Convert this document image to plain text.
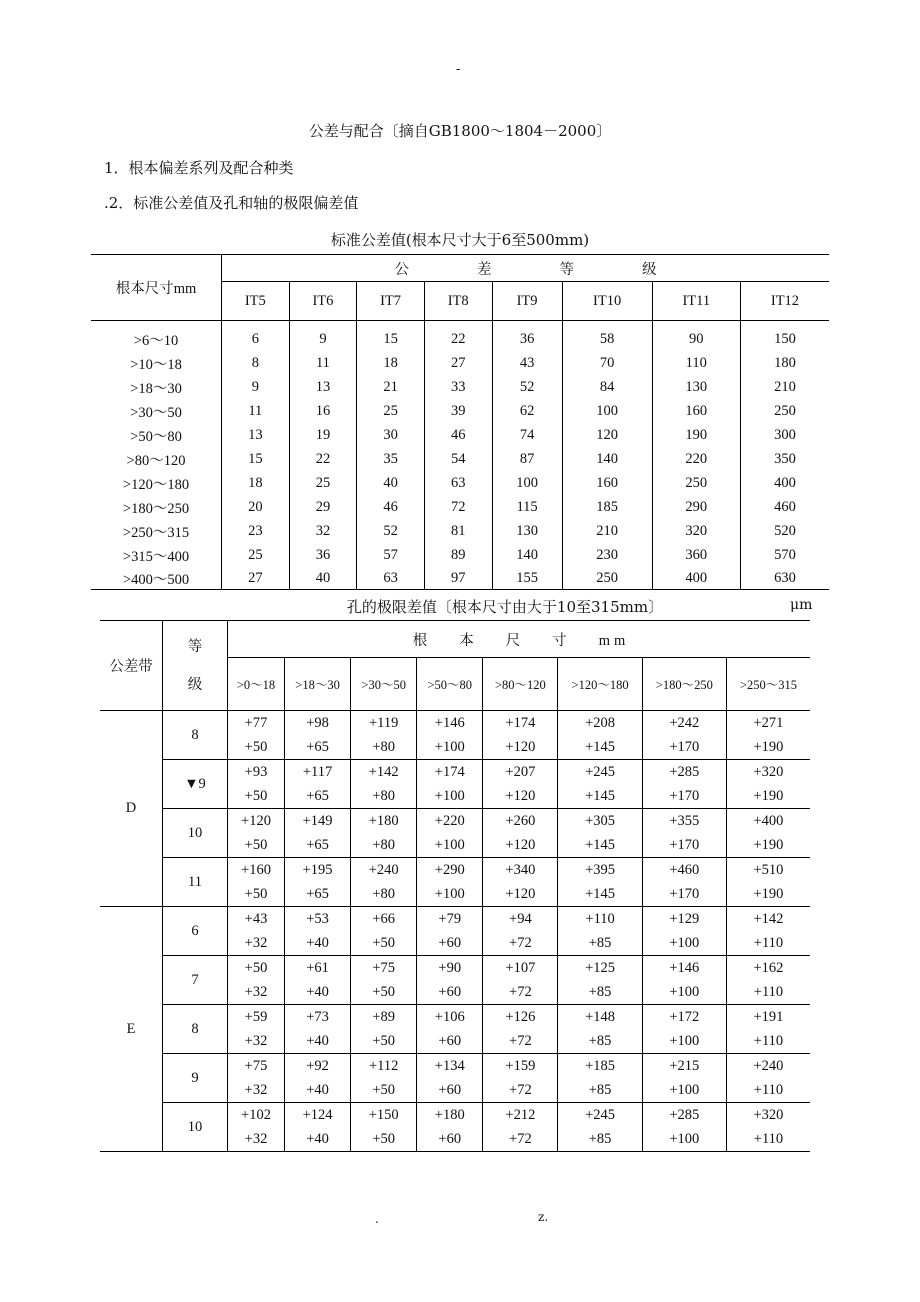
-
公差与配合〔摘自GB1800～1804－2000〕
1．根本偏差系列及配合种类
.2．标准公差值及孔和轴的极限偏差值
标准公差值(根本尺寸大于6至500mm)
根本尺寸mm	公 差 等 级							
	IT5	IT6	IT7	IT8	IT9	IT10	IT11	IT12
>6～10	6	9	15	22	36	58	90	150
>10～18	8	11	18	27	43	70	110	180
>18～30	9	13	21	33	52	84	130	210
>30～50	11	16	25	39	62	100	160	250
>50～80	13	19	30	46	74	120	190	300
>80～120	15	22	35	54	87	140	220	350
>120～180	18	25	40	63	100	160	250	400
>180～250	20	29	46	72	115	185	290	460
>250～315	23	32	52	81	130	210	320	520
>315～400	25	36	57	89	140	230	360	570
>400～500	27	40	63	97	155	250	400	630
孔的极限差值〔根本尺寸由大于10至315mm〕	μm
公差带	等
级	根 本 尺 寸 m m							
		>0～18	>18～30	>30～50	>50～80	>80～120	>120～180	>180～250	>250～315
D	8	+77	+98	+119	+146	+174	+208	+242	+271
		+50	+65	+80	+100	+120	+145	+170	+190
	▼9	+93	+117	+142	+174	+207	+245	+285	+320
		+50	+65	+80	+100	+120	+145	+170	+190
	10	+120	+149	+180	+220	+260	+305	+355	+400
		+50	+65	+80	+100	+120	+145	+170	+190
	11	+160	+195	+240	+290	+340	+395	+460	+510
		+50	+65	+80	+100	+120	+145	+170	+190
E	6	+43	+53	+66	+79	+94	+110	+129	+142
		+32	+40	+50	+60	+72	+85	+100	+110
	7	+50	+61	+75	+90	+107	+125	+146	+162
		+32	+40	+50	+60	+72	+85	+100	+110
	8	+59	+73	+89	+106	+126	+148	+172	+191
		+32	+40	+50	+60	+72	+85	+100	+110
	9	+75	+92	+112	+134	+159	+185	+215	+240
		+32	+40	+50	+60	+72	+85	+100	+110
	10	+102	+124	+150	+180	+212	+245	+285	+320
		+32	+40	+50	+60	+72	+85	+100	+110
.	z.
